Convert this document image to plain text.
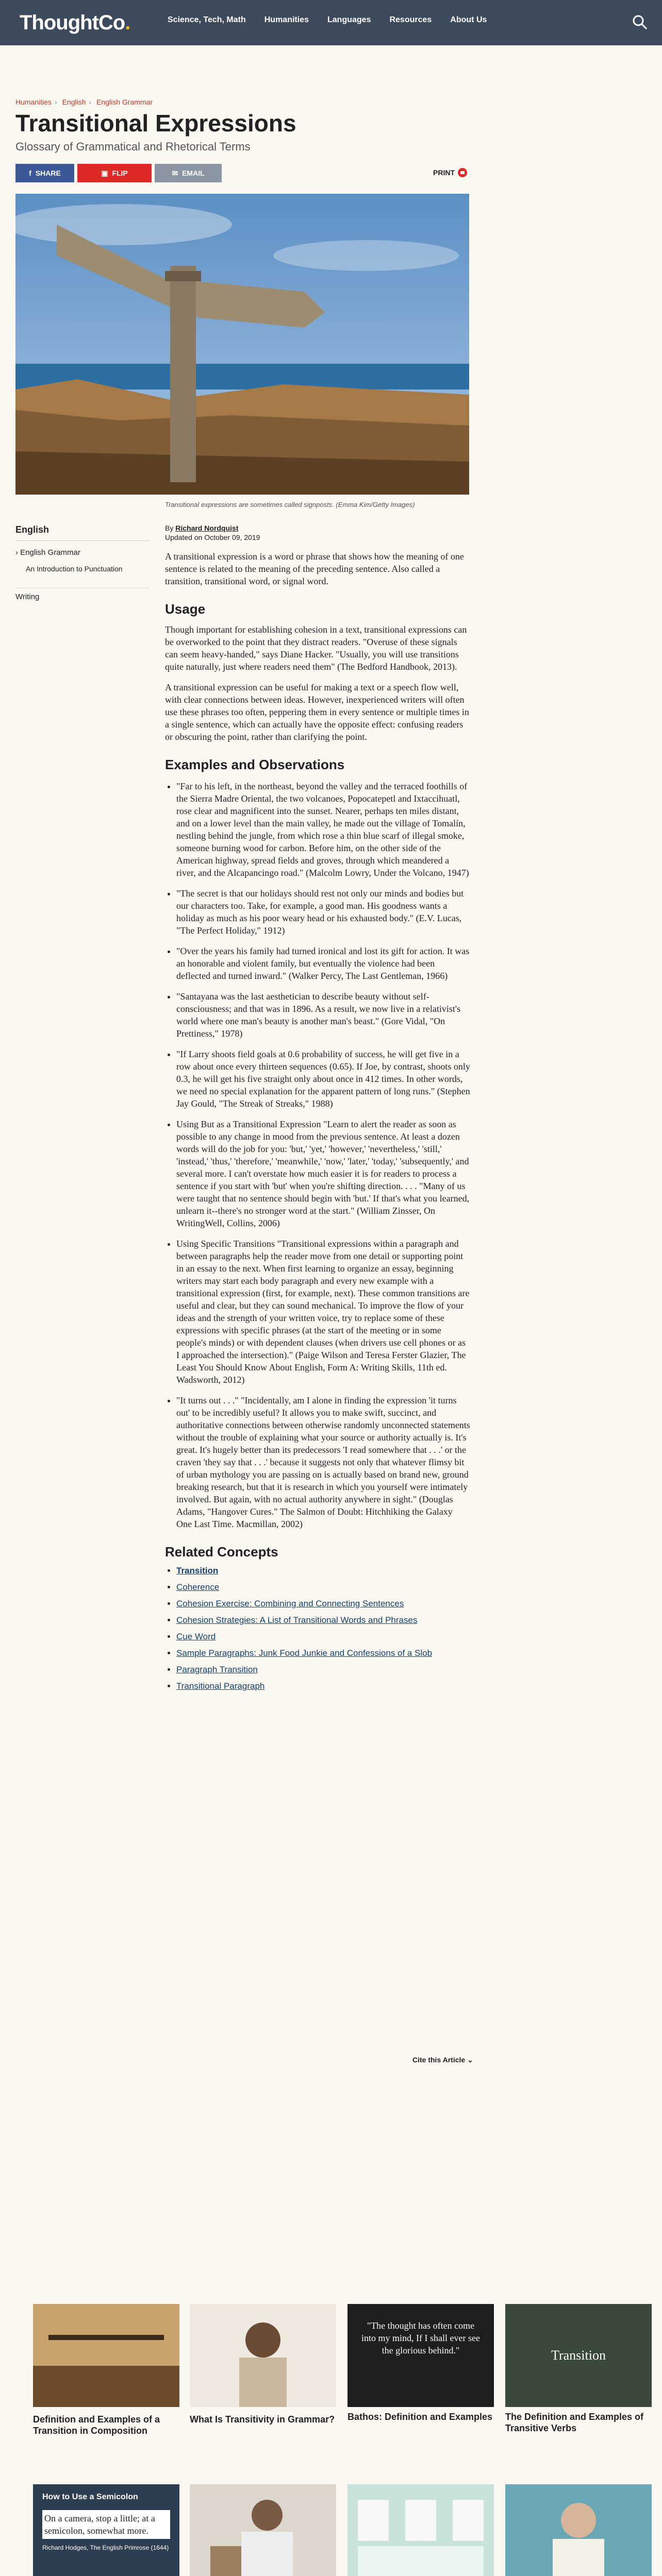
ThoughtCo.	Science, Tech, Math Humanities Languages Resources About Us
Humanities › English › English Grammar
Transitional Expressions
Glossary of Grammatical and Rhetorical Terms
f SHARE	▣ FLIP	✉ EMAIL	PRINT
Transitional expressions are sometimes called signposts. (Emma Kim/Getty Images)
English
› English Grammar
An Introduction to Punctuation
Writing
By Richard Nordquist
Updated on October 09, 2019

A transitional expression is a word or phrase that shows how the meaning of one sentence is related to the meaning of the preceding sentence. Also called a transition, transitional word, or signal word.

Usage

Though important for establishing cohesion in a text, transitional expressions can be overworked to the point that they distract readers. "Overuse of these signals can seem heavy-handed," says Diane Hacker. "Usually, you will use transitions quite naturally, just where readers need them" (The Bedford Handbook, 2013).

A transitional expression can be useful for making a text or a speech flow well, with clear connections between ideas. However, inexperienced writers will often use these phrases too often, peppering them in every sentence or multiple times in a single sentence, which can actually have the opposite effect: confusing readers or obscuring the point, rather than clarifying the point.

Examples and Observations
• "Far to his left, in the northeast, beyond the valley and the terraced foothills of the Sierra Madre Oriental, the two volcanoes, Popocatepetl and Ixtaccihuatl, rose clear and magnificent into the sunset. Nearer, perhaps ten miles distant, and on a lower level than the main valley, he made out the village of Tomalín, nestling behind the jungle, from which rose a thin blue scarf of illegal smoke, someone burning wood for carbon. Before him, on the other side of the American highway, spread fields and groves, through which meandered a river, and the Alcapancingo road." (Malcolm Lowry, Under the Volcano, 1947)
• "The secret is that our holidays should rest not only our minds and bodies but our characters too. Take, for example, a good man. His goodness wants a holiday as much as his poor weary head or his exhausted body." (E.V. Lucas, "The Perfect Holiday," 1912)
• "Over the years his family had turned ironical and lost its gift for action. It was an honorable and violent family, but eventually the violence had been deflected and turned inward." (Walker Percy, The Last Gentleman, 1966)
• "Santayana was the last aesthetician to describe beauty without self-consciousness; and that was in 1896. As a result, we now live in a relativist's world where one man's beauty is another man's beast." (Gore Vidal, "On Prettiness," 1978)
• "If Larry shoots field goals at 0.6 probability of success, he will get five in a row about once every thirteen sequences (0.65). If Joe, by contrast, shoots only 0.3, he will get his five straight only about once in 412 times. In other words, we need no special explanation for the apparent pattern of long runs." (Stephen Jay Gould, "The Streak of Streaks," 1988)
• Using But as a Transitional Expression "Learn to alert the reader as soon as possible to any change in mood from the previous sentence. At least a dozen words will do the job for you: 'but,' 'yet,' 'however,' 'nevertheless,' 'still,' 'instead,' 'thus,' 'therefore,' 'meanwhile,' 'now,' 'later,' 'today,' 'subsequently,' and several more. I can't overstate how much easier it is for readers to process a sentence if you start with 'but' when you're shifting direction. . . . "Many of us were taught that no sentence should begin with 'but.' If that's what you learned, unlearn it--there's no stronger word at the start." (William Zinsser, On WritingWell, Collins, 2006)
• Using Specific Transitions "Transitional expressions within a paragraph and between paragraphs help the reader move from one detail or supporting point in an essay to the next. When first learning to organize an essay, beginning writers may start each body paragraph and every new example with a transitional expression (first, for example, next). These common transitions are useful and clear, but they can sound mechanical. To improve the flow of your ideas and the strength of your written voice, try to replace some of these expressions with specific phrases (at the start of the meeting or in some people's minds) or with dependent clauses (when drivers use cell phones or as I approached the intersection)." (Paige Wilson and Teresa Ferster Glazier, The Least You Should Know About English, Form A: Writing Skills, 11th ed. Wadsworth, 2012)
• "It turns out . . ." "Incidentally, am I alone in finding the expression 'it turns out' to be incredibly useful? It allows you to make swift, succinct, and authoritative connections between otherwise randomly unconnected statements without the trouble of explaining what your source or authority actually is. It's great. It's hugely better than its predecessors 'I read somewhere that . . .' or the craven 'they say that . . .' because it suggests not only that whatever flimsy bit of urban mythology you are passing on is actually based on brand new, ground breaking research, but that it is research in which you yourself were intimately involved. But again, with no actual authority anywhere in sight." (Douglas Adams, "Hangover Cures." The Salmon of Doubt: Hitchhiking the Galaxy One Last Time. Macmillan, 2002)
Related Concepts
• Transition
• Coherence
• Cohesion Exercise: Combining and Connecting Sentences
• Cohesion Strategies: A List of Transitional Words and Phrases
• Cue Word
• Sample Paragraphs: Junk Food Junkie and Confessions of a Slob
• Paragraph Transition
• Transitional Paragraph
Cite this Article ⌄
Definition and Examples of a Transition in Composition
What Is Transitivity in Grammar?
"The thought has often come into my mind, If I shall ever see the glorious behind."
Bathos: Definition and Examples
Transition
The Definition and Examples of Transitive Verbs
How to Use a Semicolon
On a camera, stop a little; at a semicolon, somewhat more.
Richard Hodges, The English Primrose (1644)
